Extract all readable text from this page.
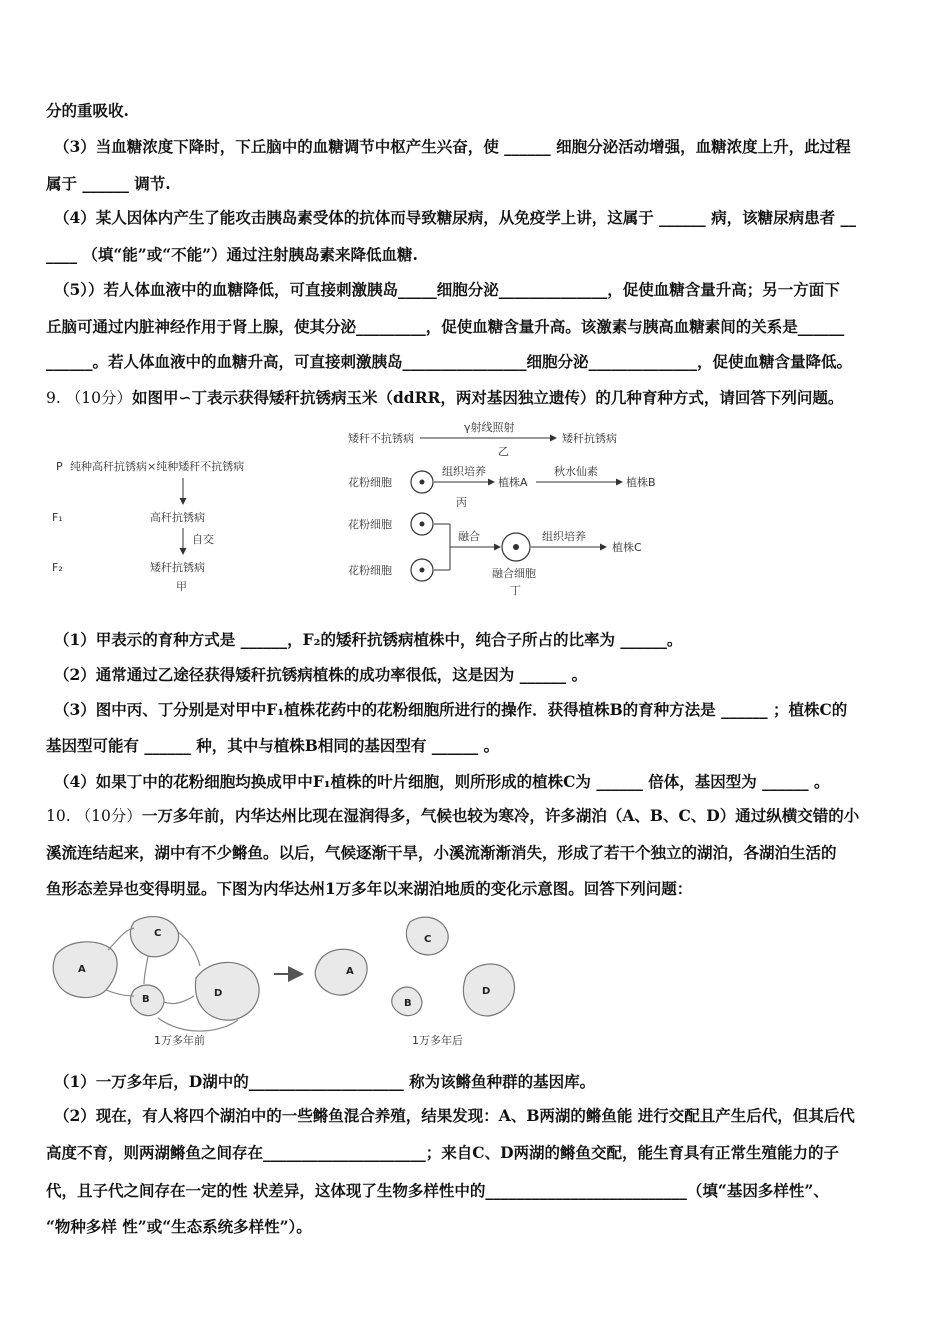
分的重吸收.
（3）当血糖浓度下降时，下丘脑中的血糖调节中枢产生兴奋，使 ______ 细胞分泌活动增强，血糖浓度上升，此过程
属于 ______ 调节.
（4）某人因体内产生了能攻击胰岛素受体的抗体而导致糖尿病，从免疫学上讲，这属于 ______ 病，该糖尿病患者 __
____ （填“能”或“不能”）通过注射胰岛素来降低血糖.
（5））若人体血液中的血糖降低，可直接刺激胰岛_____细胞分泌______________，促使血糖含量升高；另一方面下
丘脑可通过内脏神经作用于肾上腺，使其分泌_________，促使血糖含量升高。该激素与胰高血糖素间的关系是______
______。若人体血液中的血糖升高，可直接刺激胰岛________________细胞分泌______________，促使血糖含量降低。
9. （10分）如图甲∽丁表示获得矮秆抗锈病玉米（ddRR，两对基因独立遗传）的几种育种方式，请回答下列问题。
P 纯种高秆抗锈病×纯种矮秆不抗锈病
F₁	高秆抗锈病
自交
F₂	矮秆抗锈病
甲
矮秆不抗锈病
γ射线照射
矮秆抗锈病
乙
花粉细胞
组织培养
植株A
秋水仙素
植株B
丙
花粉细胞
花粉细胞
融合	组织培养
植株C
融合细胞
丁
（1）甲表示的育种方式是 ______，F₂的矮秆抗锈病植株中，纯合子所占的比率为 ______。
（2）通常通过乙途径获得矮秆抗锈病植株的成功率很低，这是因为 ______ 。
（3）图中丙、丁分别是对甲中F₁植株花药中的花粉细胞所进行的操作．获得植株B的育种方法是 ______ ；植株C的
基因型可能有 ______ 种，其中与植株B相同的基因型有 ______ 。
（4）如果丁中的花粉细胞均换成甲中F₁植株的叶片细胞，则所形成的植株C为 ______ 倍体，基因型为 ______ 。
10. （10分）一万多年前，内华达州比现在湿润得多，气候也较为寒冷，许多湖泊（A、B、C、D）通过纵横交错的小
溪流连结起来，湖中有不少鳉鱼。以后，气候逐渐干旱，小溪流渐渐消失，形成了若干个独立的湖泊，各湖泊生活的
鱼形态差异也变得明显。下图为内华达州1万多年以来湖泊地质的变化示意图。回答下列问题：
A
B
C
D
A
B
C
D
1万多年前	1万多年后
（1）一万多年后，D湖中的____________________ 称为该鳉鱼种群的基因库。
（2）现在，有人将四个湖泊中的一些鳉鱼混合养殖，结果发现：A、B两湖的鳉鱼能 进行交配且产生后代，但其后代
高度不育，则两湖鳉鱼之间存在_____________________；来自C、D两湖的鳉鱼交配，能生育具有正常生殖能力的子
代，且子代之间存在一定的性 状差异，这体现了生物多样性中的__________________________（填“基因多样性”、
“物种多样 性”或“生态系统多样性”）。
